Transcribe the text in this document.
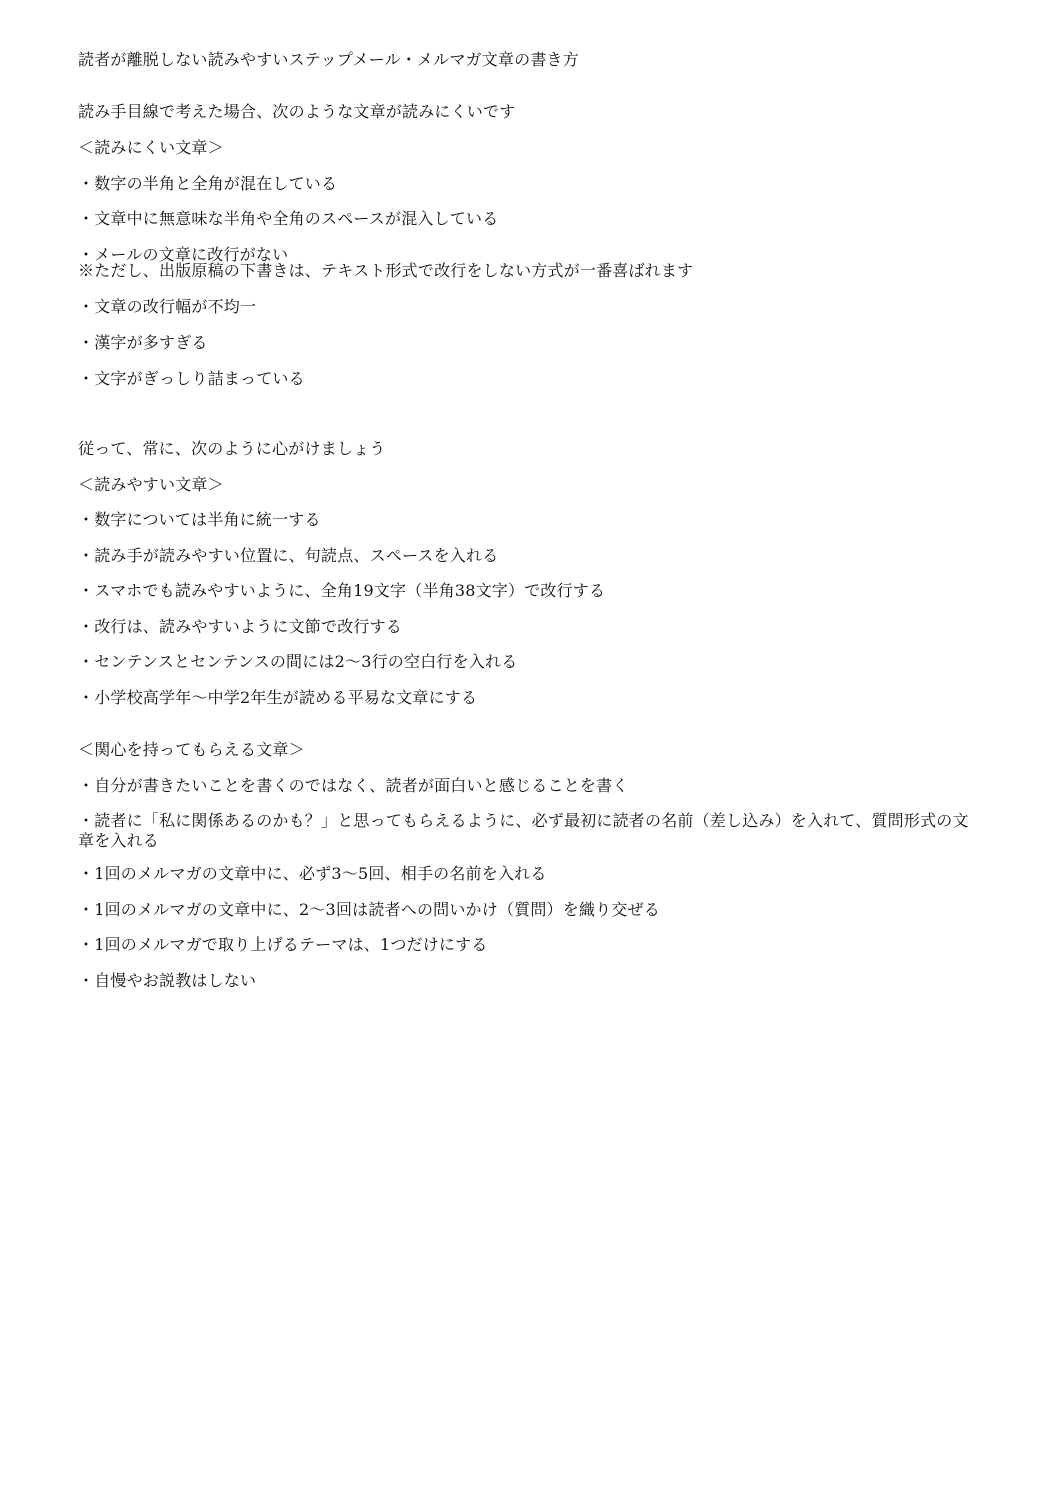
読者が離脱しない読みやすいステップメール・メルマガ文章の書き方
読み手目線で考えた場合、次のような文章が読みにくいです
＜読みにくい文章＞
・数字の半角と全角が混在している
・文章中に無意味な半角や全角のスペースが混入している
・メールの文章に改行がない
※ただし、出版原稿の下書きは、テキスト形式で改行をしない方式が一番喜ばれます
・文章の改行幅が不均一
・漢字が多すぎる
・文字がぎっしり詰まっている
従って、常に、次のように心がけましょう
＜読みやすい文章＞
・数字については半角に統一する
・読み手が読みやすい位置に、句読点、スペースを入れる
・スマホでも読みやすいように、全角19文字（半角38文字）で改行する
・改行は、読みやすいように文節で改行する
・センテンスとセンテンスの間には2〜3行の空白行を入れる
・小学校高学年〜中学2年生が読める平易な文章にする
＜関心を持ってもらえる文章＞
・自分が書きたいことを書くのではなく、読者が面白いと感じることを書く
・読者に「私に関係あるのかも？」と思ってもらえるように、必ず最初に読者の名前（差し込み）を入れて、質問形式の文章を入れる
・1回のメルマガの文章中に、必ず3〜5回、相手の名前を入れる
・1回のメルマガの文章中に、2〜3回は読者への問いかけ（質問）を織り交ぜる
・1回のメルマガで取り上げるテーマは、1つだけにする
・自慢やお説教はしない
